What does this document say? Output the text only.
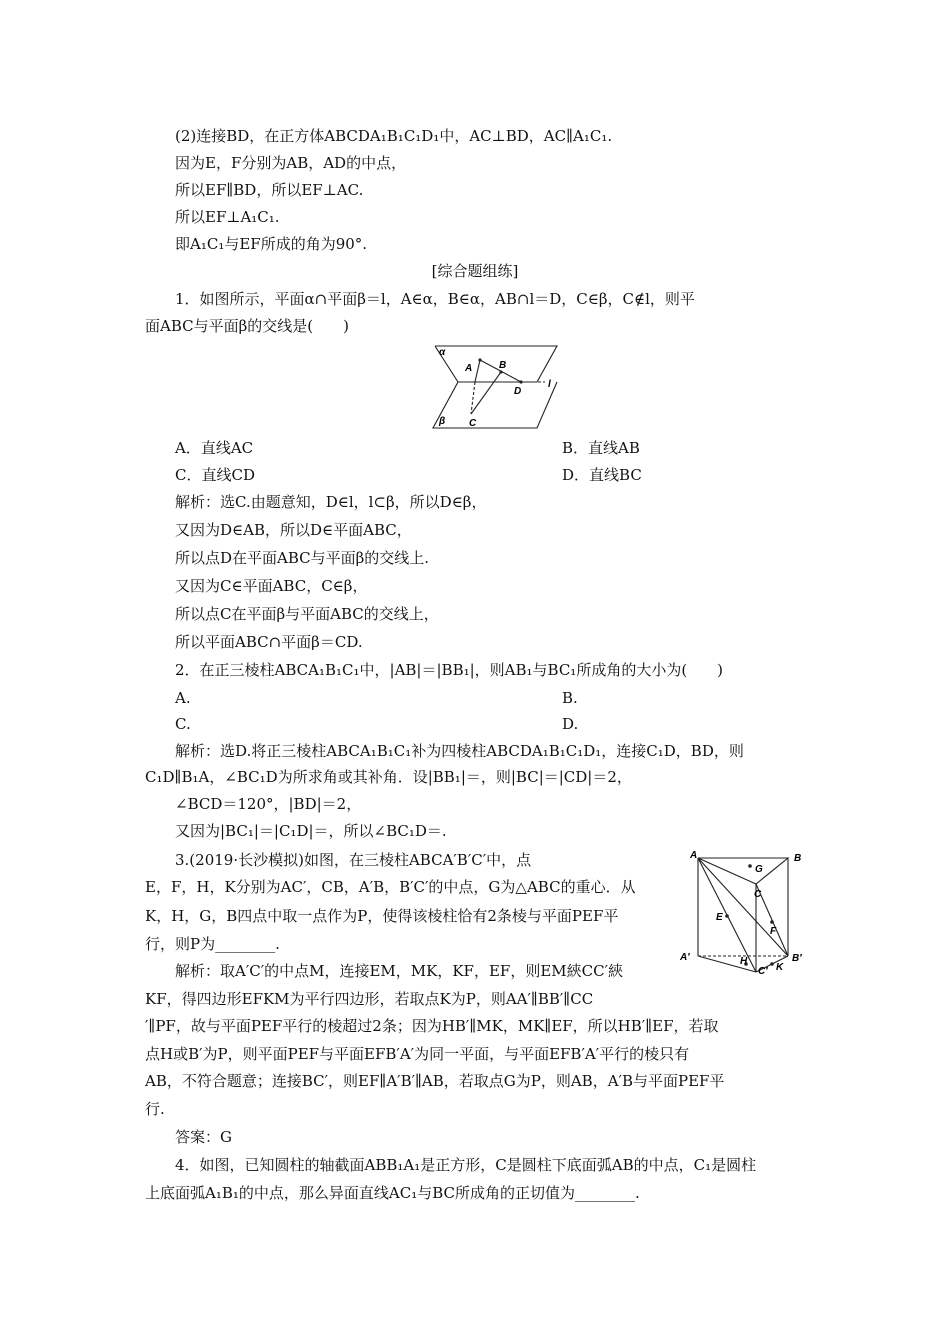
(2)连接BD，在正方体ABCDA₁B₁C₁D₁中，AC⊥BD，AC∥A₁C₁.
因为E，F分别为AB，AD的中点，
所以EF∥BD，所以EF⊥AC.
所以EF⊥A₁C₁.
即A₁C₁与EF所成的角为90°.
[综合题组练]
1．如图所示，平面α∩平面β＝l，A∈α，B∈α，AB∩l＝D，C∈β，C∉l，则平
面ABC与平面β的交线是(　　)
α
β
A	B
C
D
l
A．直线AC	B．直线AB
C．直线CD	D．直线BC
解析：选C.由题意知，D∈l，l⊂β，所以D∈β，
又因为D∈AB，所以D∈平面ABC，
所以点D在平面ABC与平面β的交线上.
又因为C∈平面ABC，C∈β，
所以点C在平面β与平面ABC的交线上，
所以平面ABC∩平面β＝CD.
2．在正三棱柱ABCA₁B₁C₁中，|AB|＝|BB₁|，则AB₁与BC₁所成角的大小为(　　)
A.	B.
C.	D.
解析：选D.将正三棱柱ABCA₁B₁C₁补为四棱柱ABCDA₁B₁C₁D₁，连接C₁D，BD，则
C₁D∥B₁A，∠BC₁D为所求角或其补角．设|BB₁|＝，则|BC|＝|CD|＝2，
∠BCD＝120°，|BD|＝2，
又因为|BC₁|＝|C₁D|＝，所以∠BC₁D＝.
3.(2019·长沙模拟)如图，在三棱柱ABCA′B′C′中，点
E，F，H，K分别为AC′，CB，A′B，B′C′的中点，G为△ABC的重心．从
K，H，G，B四点中取一点作为P，使得该棱柱恰有2条棱与平面PEF平
行，则P为________.
A	B
C
G
E
F
A′	B′
C′
H
K
解析：取A′C′的中点M，连接EM，MK，KF，EF，则EM綊CC′綊
KF，得四边形EFKM为平行四边形，若取点K为P，则AA′∥BB′∥CC
′∥PF，故与平面PEF平行的棱超过2条；因为HB′∥MK，MK∥EF，所以HB′∥EF，若取
点H或B′为P，则平面PEF与平面EFB′A′为同一平面，与平面EFB′A′平行的棱只有
AB，不符合题意；连接BC′，则EF∥A′B′∥AB，若取点G为P，则AB，A′B与平面PEF平
行.
答案：G
4．如图，已知圆柱的轴截面ABB₁A₁是正方形，C是圆柱下底面弧AB的中点，C₁是圆柱
上底面弧A₁B₁的中点，那么异面直线AC₁与BC所成角的正切值为________.
